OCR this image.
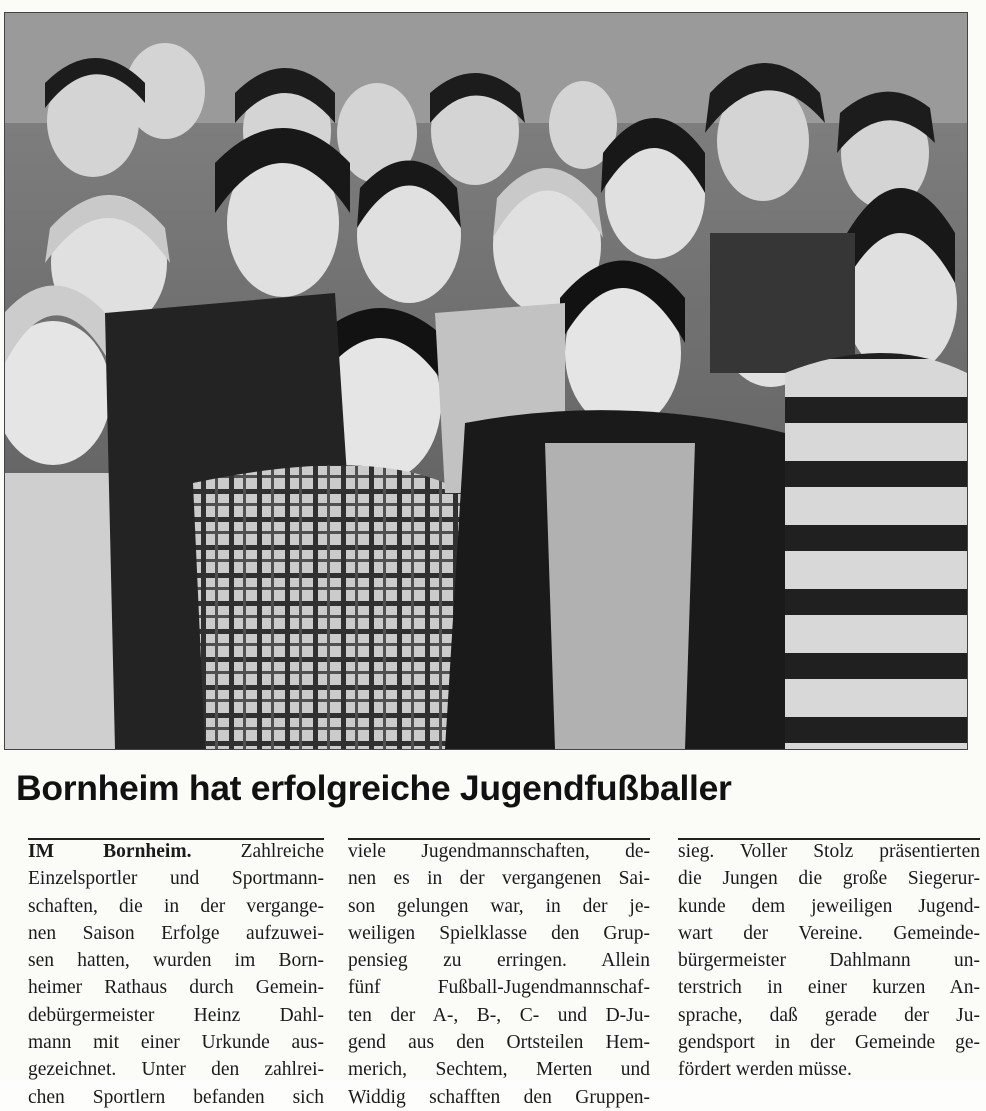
Bornheim hat erfolgreiche Jugendfußballer
IM Bornheim. Zahlreiche
Einzelsportler und Sportmann-
schaften, die in der vergange-
nen Saison Erfolge aufzuwei-
sen hatten, wurden im Born-
heimer Rathaus durch Gemein-
debürgermeister Heinz Dahl-
mann mit einer Urkunde aus-
gezeichnet. Unter den zahlrei-
chen Sportlern befanden sich
viele Jugendmannschaften, de-
nen es in der vergangenen Sai-
son gelungen war, in der je-
weiligen Spielklasse den Grup-
pensieg zu erringen. Allein
fünf Fußball-Jugendmannschaf-
ten der A-, B-, C- und D-Ju-
gend aus den Ortsteilen Hem-
merich, Sechtem, Merten und
Widdig schafften den Gruppen-
sieg. Voller Stolz präsentierten
die Jungen die große Siegerur-
kunde dem jeweiligen Jugend-
wart der Vereine. Gemeinde-
bürgermeister Dahlmann un-
terstrich in einer kurzen An-
sprache, daß gerade der Ju-
gendsport in der Gemeinde ge-
fördert werden müsse.
